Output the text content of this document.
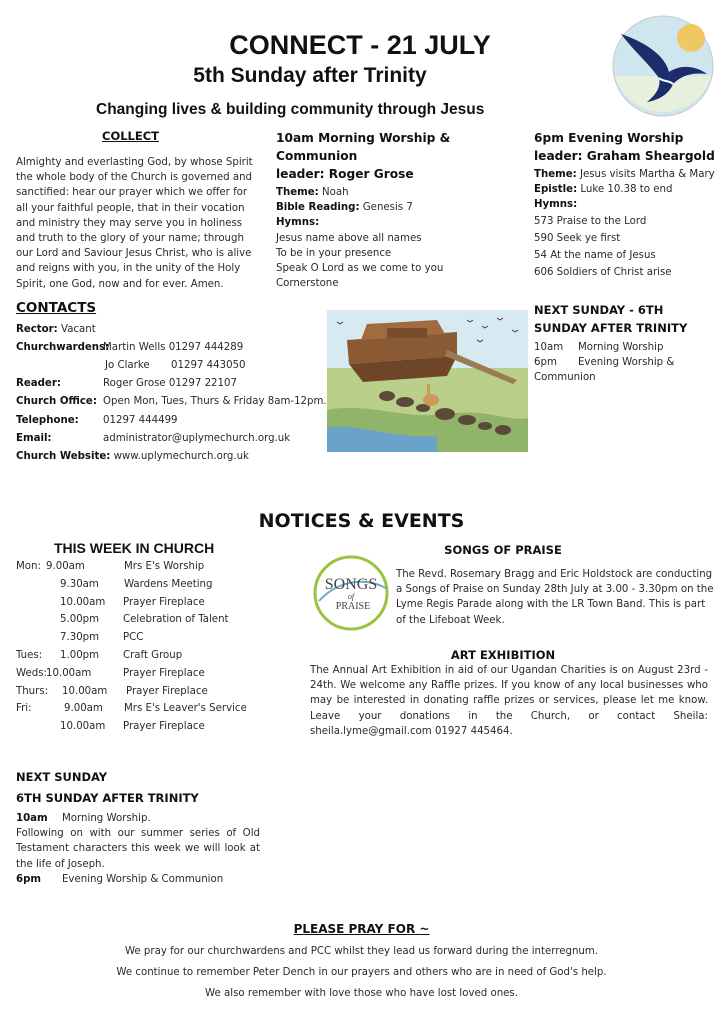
CONNECT - 21 JULY
5th Sunday after Trinity
Changing lives & building community through Jesus
COLLECT
Almighty and everlasting God, by whose Spirit
the whole body of the Church is governed and
sanctified: hear our prayer which we offer for
all your faithful people, that in their vocation
and ministry they may serve you in holiness
and truth to the glory of your name; through
our Lord and Saviour Jesus Christ, who is alive
and reigns with you, in the unity of the Holy
Spirit, one God, now and for ever. Amen.
10am Morning Worship & Communion
leader: Roger Grose
Theme: Noah
Bible Reading: Genesis 7
Hymns:
Jesus name above all names
To be in your presence
Speak O Lord as we come to you
Cornerstone
6pm Evening Worship
leader: Graham Sheargold
Theme: Jesus visits Martha & Mary
Epistle: Luke 10.38 to end
Hymns:
573 Praise to the Lord
590 Seek ye first
54 At the name of Jesus
606 Soldiers of Christ arise
CONTACTS
Rector:
Vacant
Churchwardens:
Martin Wells 01297 444289
Jo Clarke	01297 443050
Reader:	Roger Grose 01297 22107
Church Office: Open Mon, Tues, Thurs & Friday 8am-12pm.
Telephone:	01297 444499
Email:	administrator@uplymechurch.org.uk
Church Website:
www.uplymechurch.org.uk
NEXT SUNDAY - 6TH
SUNDAY AFTER TRINITY
10am Morning Worship
6pm Evening Worship &
Communion
NOTICES & EVENTS
THIS WEEK IN CHURCH
Mon: 9.00am	Mrs E's Worship
9.30am Wardens Meeting
10.00am Prayer Fireplace
5.00pm Celebration of Talent
7.30pm PCC
Tues: 1.00pm Craft Group
Weds: 10.00am	Prayer Fireplace
Thurs: 10.00am Prayer Fireplace
Fri:	9.00am Mrs E's Leaver's Service
10.00am Prayer Fireplace
SONGS
of
PRAISE
SONGS OF PRAISE
The Revd. Rosemary Bragg and Eric Holdstock are conducting
a Songs of Praise on Sunday 28th July at 3.00 - 3.30pm on the
Lyme Regis Parade along with the LR Town Band. This is part
of the Lifeboat Week.
ART EXHIBITION
The Annual Art Exhibition in aid of our Ugandan Charities is on August 23rd - 24th. We welcome any Raffle prizes. If you know of any local businesses who may be interested in donating raffle prizes or services, please let me know. Leave your donations in the Church, or contact Sheila: sheila.lyme@gmail.com 01927 445464.
NEXT SUNDAY
6TH SUNDAY AFTER TRINITY
10am Morning Worship.
Following on with our summer series of Old Testament characters this week we will look at the life of Joseph.
6pm Evening Worship & Communion
PLEASE PRAY FOR ~
We pray for our churchwardens and PCC whilst they lead us forward during the interregnum.
We continue to remember Peter Dench in our prayers and others who are in need of God's help.
We also remember with love those who have lost loved ones.
